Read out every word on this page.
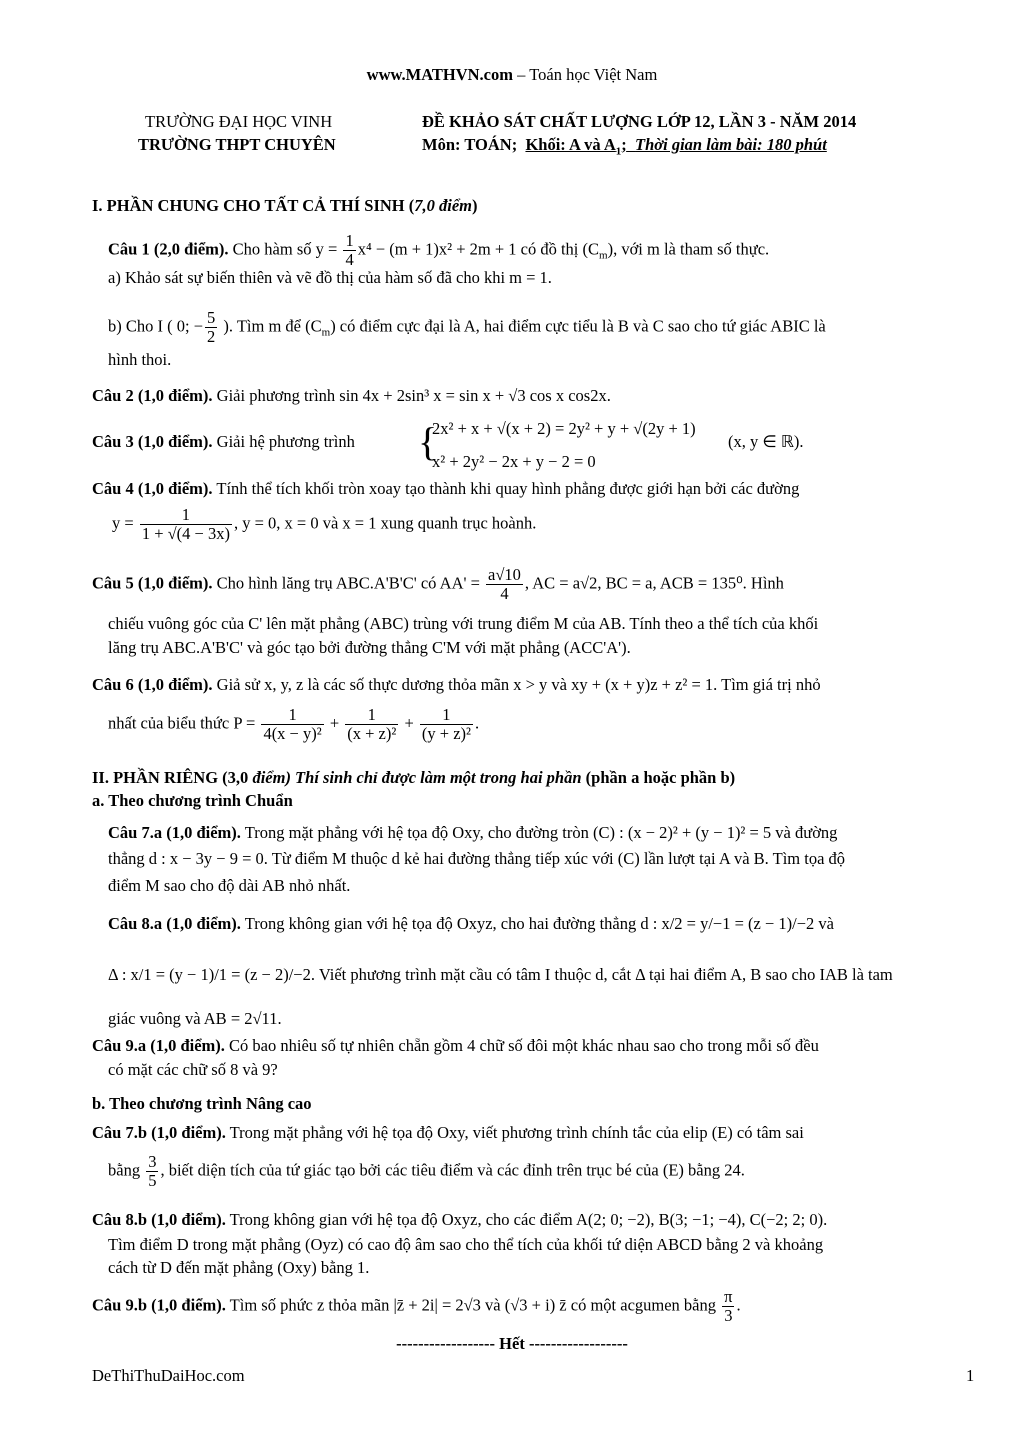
www.MATHVN.com – Toán học Việt Nam
TRƯỜNG ĐẠI HỌC VINH
TRƯỜNG THPT CHUYÊN
ĐỀ KHẢO SÁT CHẤT LƯỢNG LỚP 12, LẦN 3 - NĂM 2014
Môn: TOÁN; Khối: A và $A_1$; Thời gian làm bài: 180 phút
I. PHẦN CHUNG CHO TẤT CẢ THÍ SINH (7,0 điểm)
Câu 1 (2,0 điểm). Cho hàm số $y = \frac{1}{4} x^4 - (m + 1)x^2 + 2m + 1$ có đồ thị $(C_m)$, với m là tham số thực.
a) Khảo sát sự biến thiên và vẽ đồ thị của hàm số đã cho khi m = 1.
b) Cho I ( 0; − $\frac{5}{2}$ ). Tìm m để $(C_m)$ có điểm cực đại là A, hai điểm cực tiểu là B và C sao cho tứ giác ABIC là
hình thoi.
Câu 2 (1,0 điểm). Giải phương trình sin 4x + 2sin³ x = sin x + √3 cos x cos2x.
Câu 3 (1,0 điểm). Giải hệ phương trình {
2x² + x + √(x + 2) = 2y² + y + √(2y + 1)
x² + 2y² − 2x + y − 2 = 0
(x, y ∈ ℝ).
Câu 4 (1,0 điểm). Tính thể tích khối tròn xoay tạo thành khi quay hình phẳng được giới hạn bởi các đường
$y = \frac{1}{1 + √(4 - 3x)}$ , y = 0, x = 0 và x = 1 xung quanh trục hoành.
Câu 5 (1,0 điểm). Cho hình lăng trụ ABC.A'B'C' có $AA' = \frac{a√10}{4}$ , AC = a√2, BC = a, ACB = 135⁰. Hình
chiếu vuông góc của C' lên mặt phẳng (ABC) trùng với trung điểm M của AB. Tính theo a thể tích của khối
lăng trụ ABC.A'B'C' và góc tạo bởi đường thẳng C'M với mặt phẳng (ACC'A').
Câu 6 (1,0 điểm). Giả sử x, y, z là các số thực dương thỏa mãn x > y và xy + (x + y)z + z² = 1. Tìm giá trị nhỏ
nhất của biểu thức $P = \frac{1}{\text{4(x − y)²}} + \frac{1}{\text{(x + z)²}} + \frac{1}{\text{(y + z)²}}$ .
II. PHẦN RIÊNG (3,0 điểm) Thí sinh chỉ được làm một trong hai phần (phần a hoặc phần b)
a. Theo chương trình Chuẩn
Câu 7.a (1,0 điểm). Trong mặt phẳng với hệ tọa độ Oxy, cho đường tròn (C) : (x − 2)² + (y − 1)² = 5 và đường
thẳng d : x − 3y − 9 = 0. Từ điểm M thuộc d kẻ hai đường thẳng tiếp xúc với (C) lần lượt tại A và B. Tìm tọa độ
điểm M sao cho độ dài AB nhỏ nhất.
Câu 8.a (1,0 điểm). Trong không gian với hệ tọa độ Oxyz, cho hai đường thẳng d : x/2 = y/−1 = (z − 1)/−2 và
Δ : x/1 = (y − 1)/1 = (z − 2)/−2. Viết phương trình mặt cầu có tâm I thuộc d, cắt Δ tại hai điểm A, B sao cho IAB là tam
giác vuông và AB = 2√11.
Câu 9.a (1,0 điểm). Có bao nhiêu số tự nhiên chẵn gồm 4 chữ số đôi một khác nhau sao cho trong mỗi số đều
có mặt các chữ số 8 và 9?
b. Theo chương trình Nâng cao
Câu 7.b (1,0 điểm). Trong mặt phẳng với hệ tọa độ Oxy, viết phương trình chính tắc của elip (E) có tâm sai
bằng $\frac{3}{5}$ , biết diện tích của tứ giác tạo bởi các tiêu điểm và các đỉnh trên trục bé của (E) bằng 24.
Câu 8.b (1,0 điểm). Trong không gian với hệ tọa độ Oxyz, cho các điểm A(2; 0; −2), B(3; −1; −4), C(−2; 2; 0).
Tìm điểm D trong mặt phẳng (Oyz) có cao độ âm sao cho thể tích của khối tứ diện ABCD bằng 2 và khoảng
cách từ D đến mặt phẳng (Oxy) bằng 1.
Câu 9.b (1,0 điểm). Tìm số phức z thỏa mãn |z̄ + 2i| = 2√3 và (√3 + i) z̄ có một acgumen bằng $\frac{\pi}{3}$ .
------------------ Hết ------------------
DeThiThuDaiHoc.com	1
